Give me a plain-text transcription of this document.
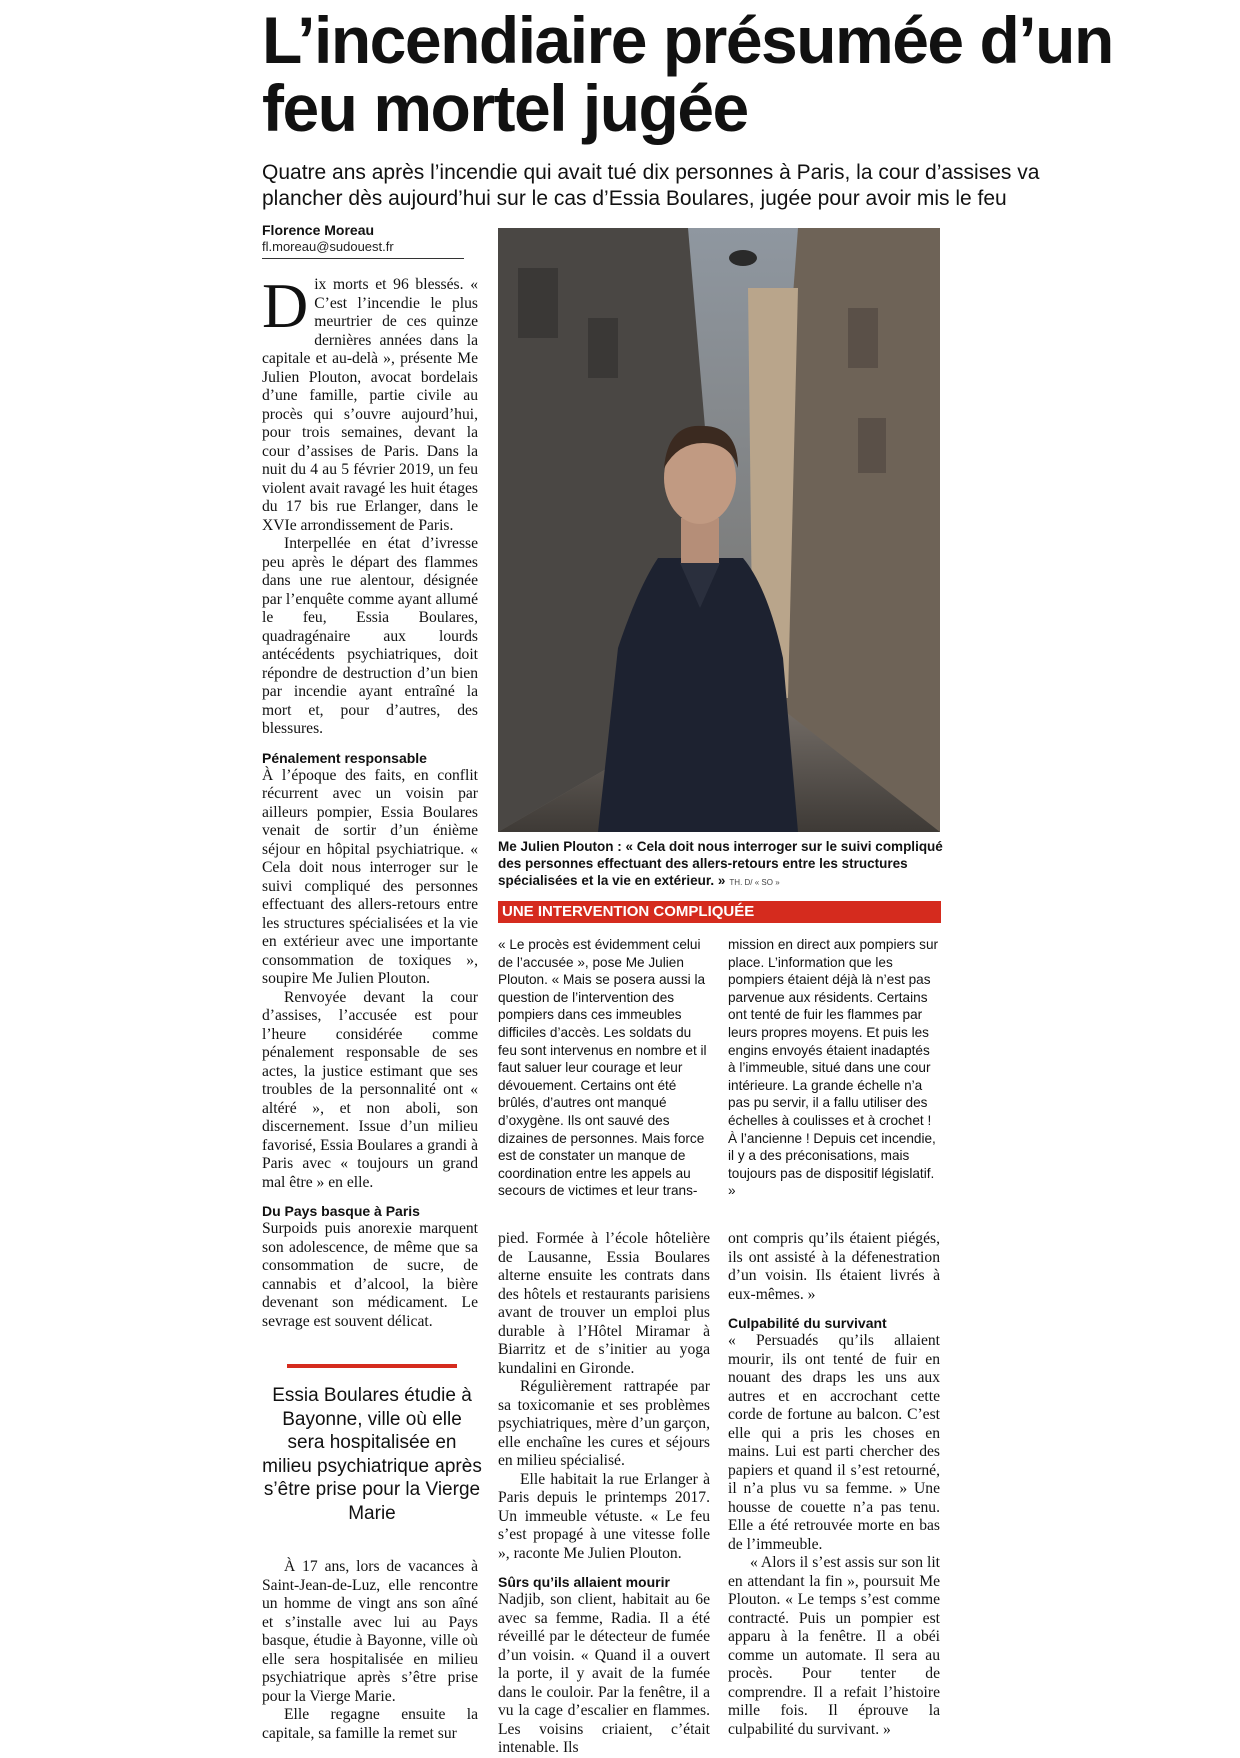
L’incendiaire présumée d’un feu mortel jugée
Quatre ans après l’incendie qui avait tué dix personnes à Paris, la cour d’assises va plancher dès aujourd’hui sur le cas d’Essia Boulares, jugée pour avoir mis le feu
Florence Moreau
fl.moreau@sudouest.fr
D ix morts et 96 blessés. « C’est l’incendie le plus meurtrier de ces quinze dernières années dans la capitale et au-delà », présente Me Julien Plouton, avocat bordelais d’une famille, partie civile au procès qui s’ouvre aujourd’hui, pour trois semaines, devant la cour d’assises de Paris. Dans la nuit du 4 au 5 février 2019, un feu violent avait ravagé les huit étages du 17 bis rue Erlanger, dans le XVIe arrondissement de Paris.

Interpellée en état d’ivresse peu après le départ des flammes dans une rue alentour, désignée par l’enquête comme ayant allumé le feu, Essia Boulares, quadragénaire aux lourds antécédents psychiatriques, doit répondre de destruction d’un bien par incendie ayant entraîné la mort et, pour d’autres, des blessures.

Pénalement responsable

À l’époque des faits, en conflit récurrent avec un voisin par ailleurs pompier, Essia Boulares venait de sortir d’un énième séjour en hôpital psychiatrique. « Cela doit nous interroger sur le suivi compliqué des personnes effectuant des allers-retours entre les structures spécialisées et la vie en extérieur avec une importante consommation de toxiques », soupire Me Julien Plouton.

Renvoyée devant la cour d’assises, l’accusée est pour l’heure considérée comme pénalement responsable de ses actes, la justice estimant que ses troubles de la personnalité ont « altéré », et non aboli, son discernement. Issue d’un milieu favorisé, Essia Boulares a grandi à Paris avec « toujours un grand mal être » en elle.

Du Pays basque à Paris

Surpoids puis anorexie marquent son adolescence, de même que sa consommation de sucre, de cannabis et d’alcool, la bière devenant son médicament. Le sevrage est souvent délicat.

Essia Boulares étudie à Bayonne, ville où elle sera hospitalisée en milieu psychiatrique après s’être prise pour la Vierge Marie

À 17 ans, lors de vacances à Saint-Jean-de-Luz, elle rencontre un homme de vingt ans son aîné et s’installe avec lui au Pays basque, étudie à Bayonne, ville où elle sera hospitalisée en milieu psychiatrique après s’être prise pour la Vierge Marie.

Elle regagne ensuite la capitale, sa famille la remet sur

Me Julien Plouton : « Cela doit nous interroger sur le suivi compliqué des personnes effectuant des allers-retours entre les structures spécialisées et la vie en extérieur. » TH. D/ « SO »
UNE INTERVENTION COMPLIQUÉE
« Le procès est évidemment celui de l’accusée », pose Me Julien Plouton. « Mais se posera aussi la question de l’intervention des pompiers dans ces immeubles difficiles d’accès. Les soldats du feu sont intervenus en nombre et il faut saluer leur courage et leur dévouement. Certains ont été brûlés, d’autres ont manqué d’oxygène. Ils ont sauvé des dizaines de personnes. Mais force est de constater un manque de coordination entre les appels au secours de victimes et leur trans-
mission en direct aux pompiers sur place. L’information que les pompiers étaient déjà là n’est pas parvenue aux résidents. Certains ont tenté de fuir les flammes par leurs propres moyens. Et puis les engins envoyés étaient inadaptés à l’immeuble, situé dans une cour intérieure. La grande échelle n’a pas pu servir, il a fallu utiliser des échelles à coulisses et à crochet ! À l’ancienne ! Depuis cet incendie, il y a des préconisations, mais toujours pas de dispositif législatif. »

pied. Formée à l’école hôtelière de Lausanne, Essia Boulares alterne ensuite les contrats dans des hôtels et restaurants parisiens avant de trouver un emploi plus durable à l’Hôtel Miramar à Biarritz et de s’initier au yoga kundalini en Gironde.

Régulièrement rattrapée par sa toxicomanie et ses problèmes psychiatriques, mère d’un garçon, elle enchaîne les cures et séjours en milieu spécialisé.

Elle habitait la rue Erlanger à Paris depuis le printemps 2017. Un immeuble vétuste. « Le feu s’est propagé à une vitesse folle », raconte Me Julien Plouton.

Sûrs qu’ils allaient mourir

Nadjib, son client, habitait au 6e avec sa femme, Radia. Il a été réveillé par le détecteur de fumée d’un voisin. « Quand il a ouvert la porte, il y avait de la fumée dans le couloir. Par la fenêtre, il a vu la cage d’escalier en flammes. Les voisins criaient, c’était intenable. Ils

ont compris qu’ils étaient piégés, ils ont assisté à la défenestration d’un voisin. Ils étaient livrés à eux-mêmes. »

Culpabilité du survivant

« Persuadés qu’ils allaient mourir, ils ont tenté de fuir en nouant des draps les uns aux autres et en accrochant cette corde de fortune au balcon. C’est elle qui a pris les choses en mains. Lui est parti chercher des papiers et quand il s’est retourné, il n’a plus vu sa femme. » Une housse de couette n’a pas tenu. Elle a été retrouvée morte en bas de l’immeuble.

« Alors il s’est assis sur son lit en attendant la fin », poursuit Me Plouton. « Le temps s’est comme contracté. Puis un pompier est apparu à la fenêtre. Il a obéi comme un automate. Il sera au procès. Pour tenter de comprendre. Il a refait l’histoire mille fois. Il éprouve la culpabilité du survivant. »
